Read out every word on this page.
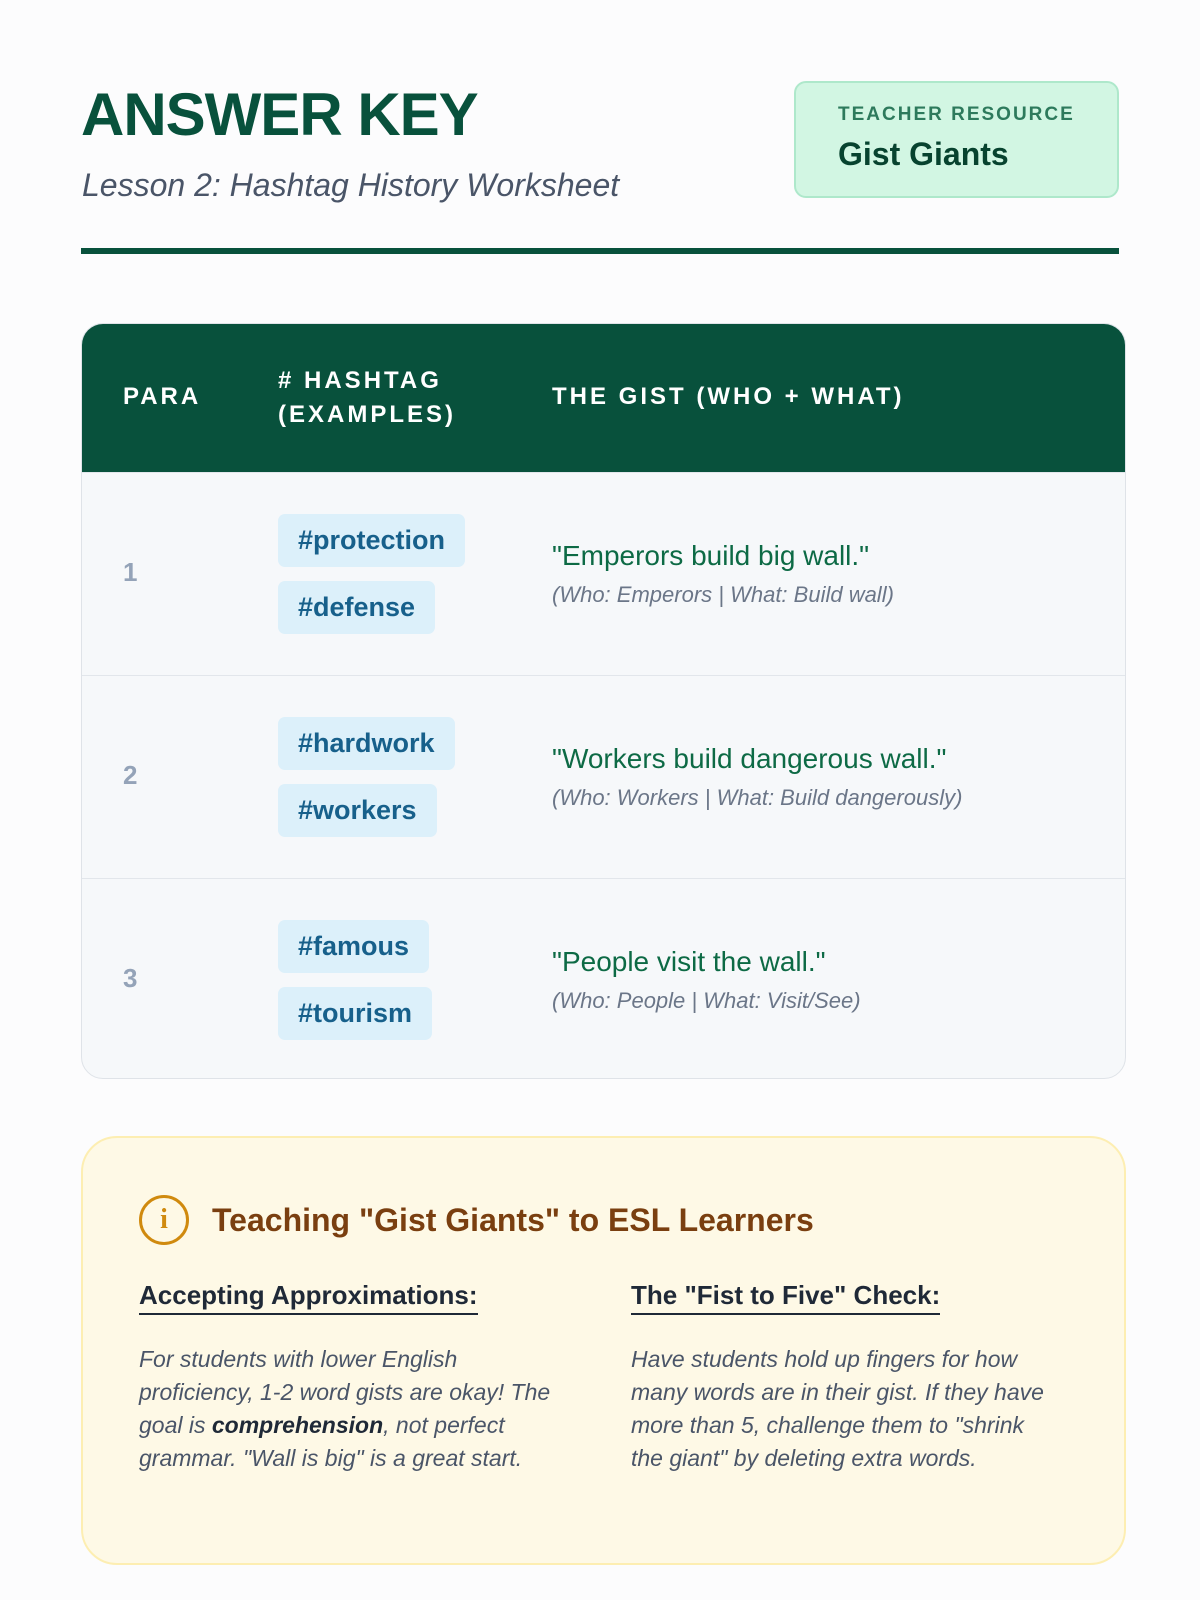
ANSWER KEY
Lesson 2: Hashtag History Worksheet
TEACHER RESOURCE
Gist Giants
PARA
# HASHTAG
(EXAMPLES)
THE GIST (WHO + WHAT)
1
#protection
#defense
"Emperors build big wall."
(Who: Emperors | What: Build wall)
2
#hardwork
#workers
"Workers build dangerous wall."
(Who: Workers | What: Build dangerously)
3
#famous
#tourism
"People visit the wall."
(Who: People | What: Visit/See)
i	Teaching "Gist Giants" to ESL Learners
Accepting Approximations:

For students with lower English proficiency, 1-2 word gists are okay! The goal is comprehension, not perfect grammar. "Wall is big" is a great start.

The "Fist to Five" Check:

Have students hold up fingers for how many words are in their gist. If they have more than 5, challenge them to "shrink the giant" by deleting extra words.
